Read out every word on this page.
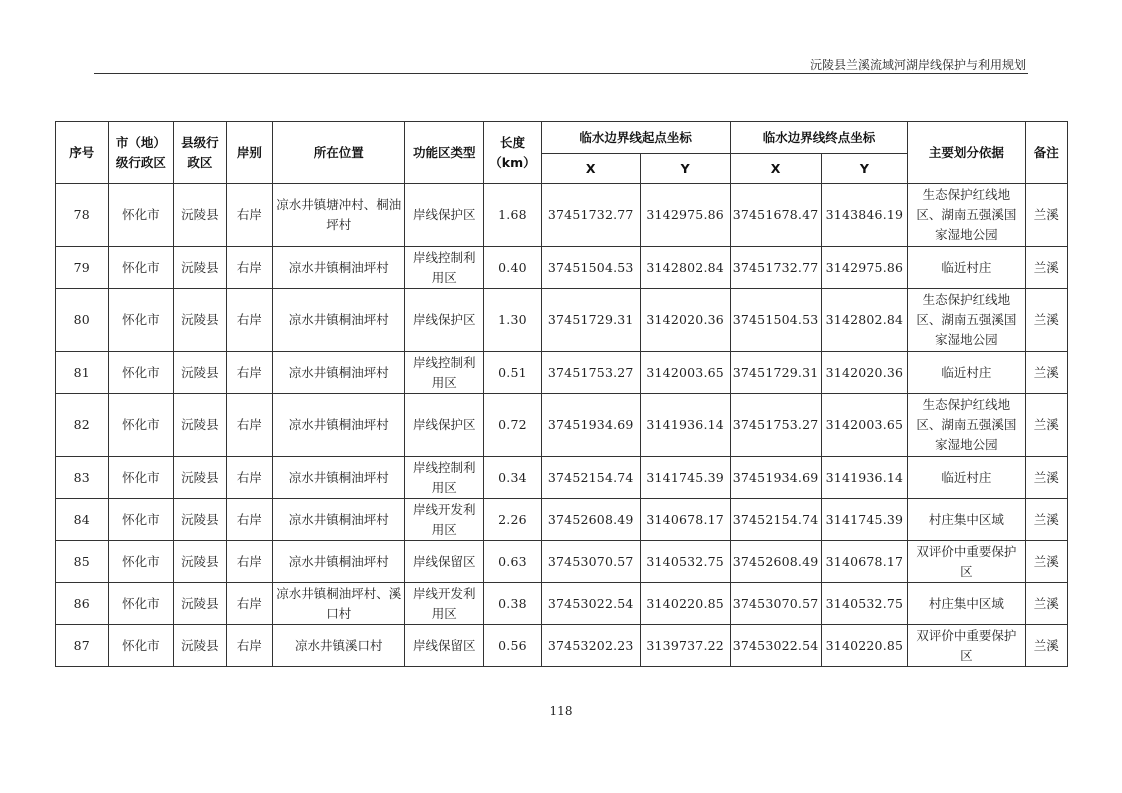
沅陵县兰溪流域河湖岸线保护与利用规划
序号	市（地）级行政区	县级行政区	岸别	所在位置	功能区类型	长度（km）	临水边界线起点坐标		临水边界线终点坐标		主要划分依据	备注
							X	Y	X	Y		
78	怀化市	沅陵县	右岸	凉水井镇塘冲村、桐油坪村	岸线保护区	1.68	37451732.77	3142975.86	37451678.47	3143846.19	生态保护红线地区、湖南五强溪国家湿地公园	兰溪
79	怀化市	沅陵县	右岸	凉水井镇桐油坪村	岸线控制利用区	0.40	37451504.53	3142802.84	37451732.77	3142975.86	临近村庄	兰溪
80	怀化市	沅陵县	右岸	凉水井镇桐油坪村	岸线保护区	1.30	37451729.31	3142020.36	37451504.53	3142802.84	生态保护红线地区、湖南五强溪国家湿地公园	兰溪
81	怀化市	沅陵县	右岸	凉水井镇桐油坪村	岸线控制利用区	0.51	37451753.27	3142003.65	37451729.31	3142020.36	临近村庄	兰溪
82	怀化市	沅陵县	右岸	凉水井镇桐油坪村	岸线保护区	0.72	37451934.69	3141936.14	37451753.27	3142003.65	生态保护红线地区、湖南五强溪国家湿地公园	兰溪
83	怀化市	沅陵县	右岸	凉水井镇桐油坪村	岸线控制利用区	0.34	37452154.74	3141745.39	37451934.69	3141936.14	临近村庄	兰溪
84	怀化市	沅陵县	右岸	凉水井镇桐油坪村	岸线开发利用区	2.26	37452608.49	3140678.17	37452154.74	3141745.39	村庄集中区域	兰溪
85	怀化市	沅陵县	右岸	凉水井镇桐油坪村	岸线保留区	0.63	37453070.57	3140532.75	37452608.49	3140678.17	双评价中重要保护区	兰溪
86	怀化市	沅陵县	右岸	凉水井镇桐油坪村、溪口村	岸线开发利用区	0.38	37453022.54	3140220.85	37453070.57	3140532.75	村庄集中区域	兰溪
87	怀化市	沅陵县	右岸	凉水井镇溪口村	岸线保留区	0.56	37453202.23	3139737.22	37453022.54	3140220.85	双评价中重要保护区	兰溪
118
